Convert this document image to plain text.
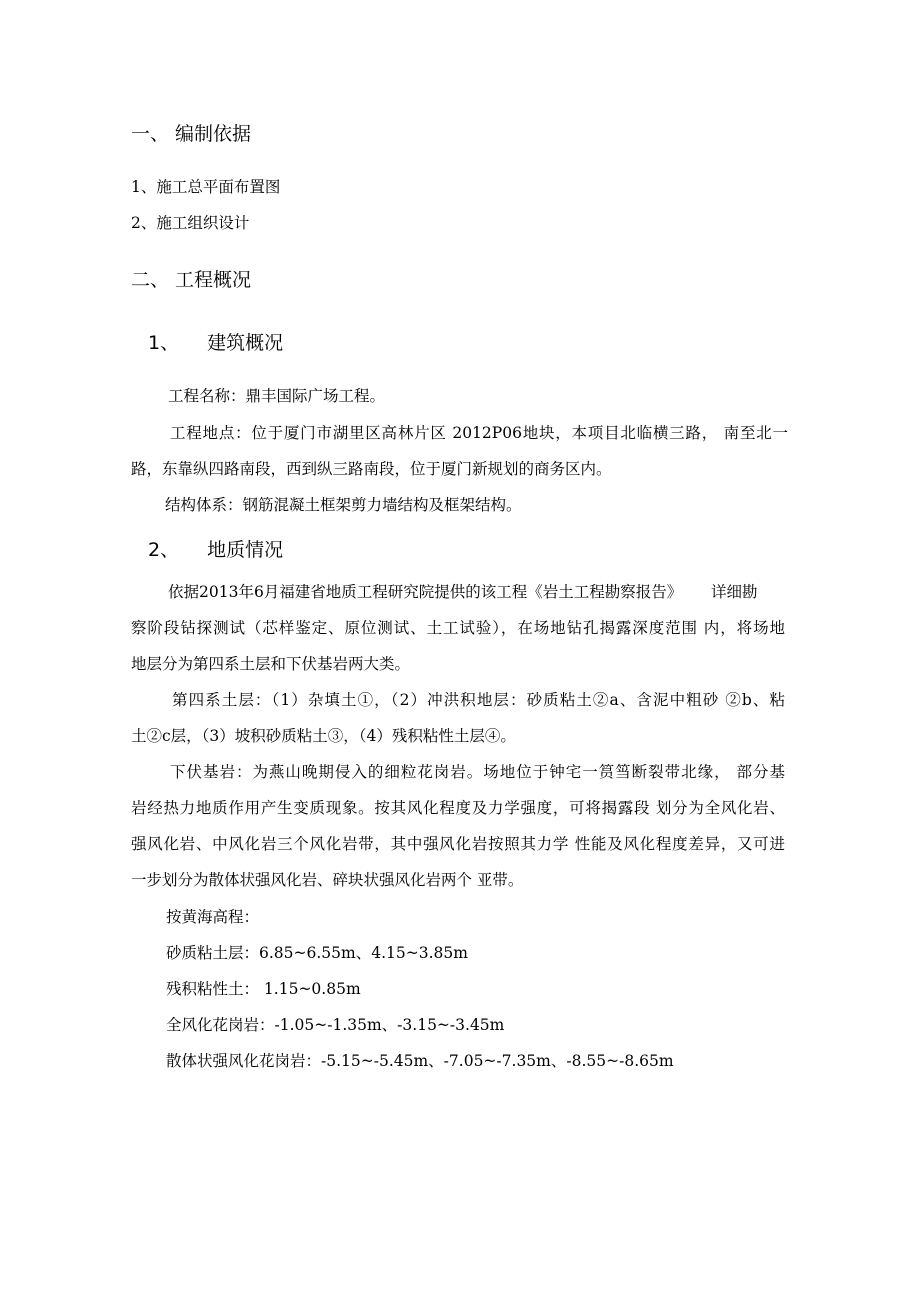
一、 编制依据
1、施工总平面布置图
2、施工组织设计
二、 工程概况
1、 建筑概况
工程名称：鼎丰国际广场工程。
工程地点：位于厦门市湖里区高林片区 2012P06地块，本项目北临横三路， 南至北一
路，东靠纵四路南段，西到纵三路南段，位于厦门新规划的商务区内。
结构体系：钢筋混凝土框架剪力墙结构及框架结构。
2、 地质情况
依据2013年6月福建省地质工程研究院提供的该工程《岩土工程勘察报告》 详细勘
察阶段钻探测试（芯样鉴定、原位测试、土工试验），在场地钻孔揭露深度范围 内，将场地
地层分为第四系土层和下伏基岩两大类。
第四系土层：（1）杂填土①，（2）冲洪积地层：砂质粘土②a、含泥中粗砂 ②b、粘
土②c层，（3）坡积砂质粘土③，（4）残积粘性土层④。
下伏基岩：为燕山晚期侵入的细粒花岗岩。场地位于钟宅一筼筜断裂带北缘， 部分基
岩经热力地质作用产生变质现象。按其风化程度及力学强度，可将揭露段 划分为全风化岩、
强风化岩、中风化岩三个风化岩带，其中强风化岩按照其力学 性能及风化程度差异，又可进
一步划分为散体状强风化岩、碎块状强风化岩两个 亚带。
按黄海高程：
砂质粘土层：6.85~6.55m、4.15~3.85m
残积粘性土： 1.15~0.85m
全风化花岗岩：-1.05~-1.35m、-3.15~-3.45m
散体状强风化花岗岩：-5.15~-5.45m、-7.05~-7.35m、-8.55~-8.65m
